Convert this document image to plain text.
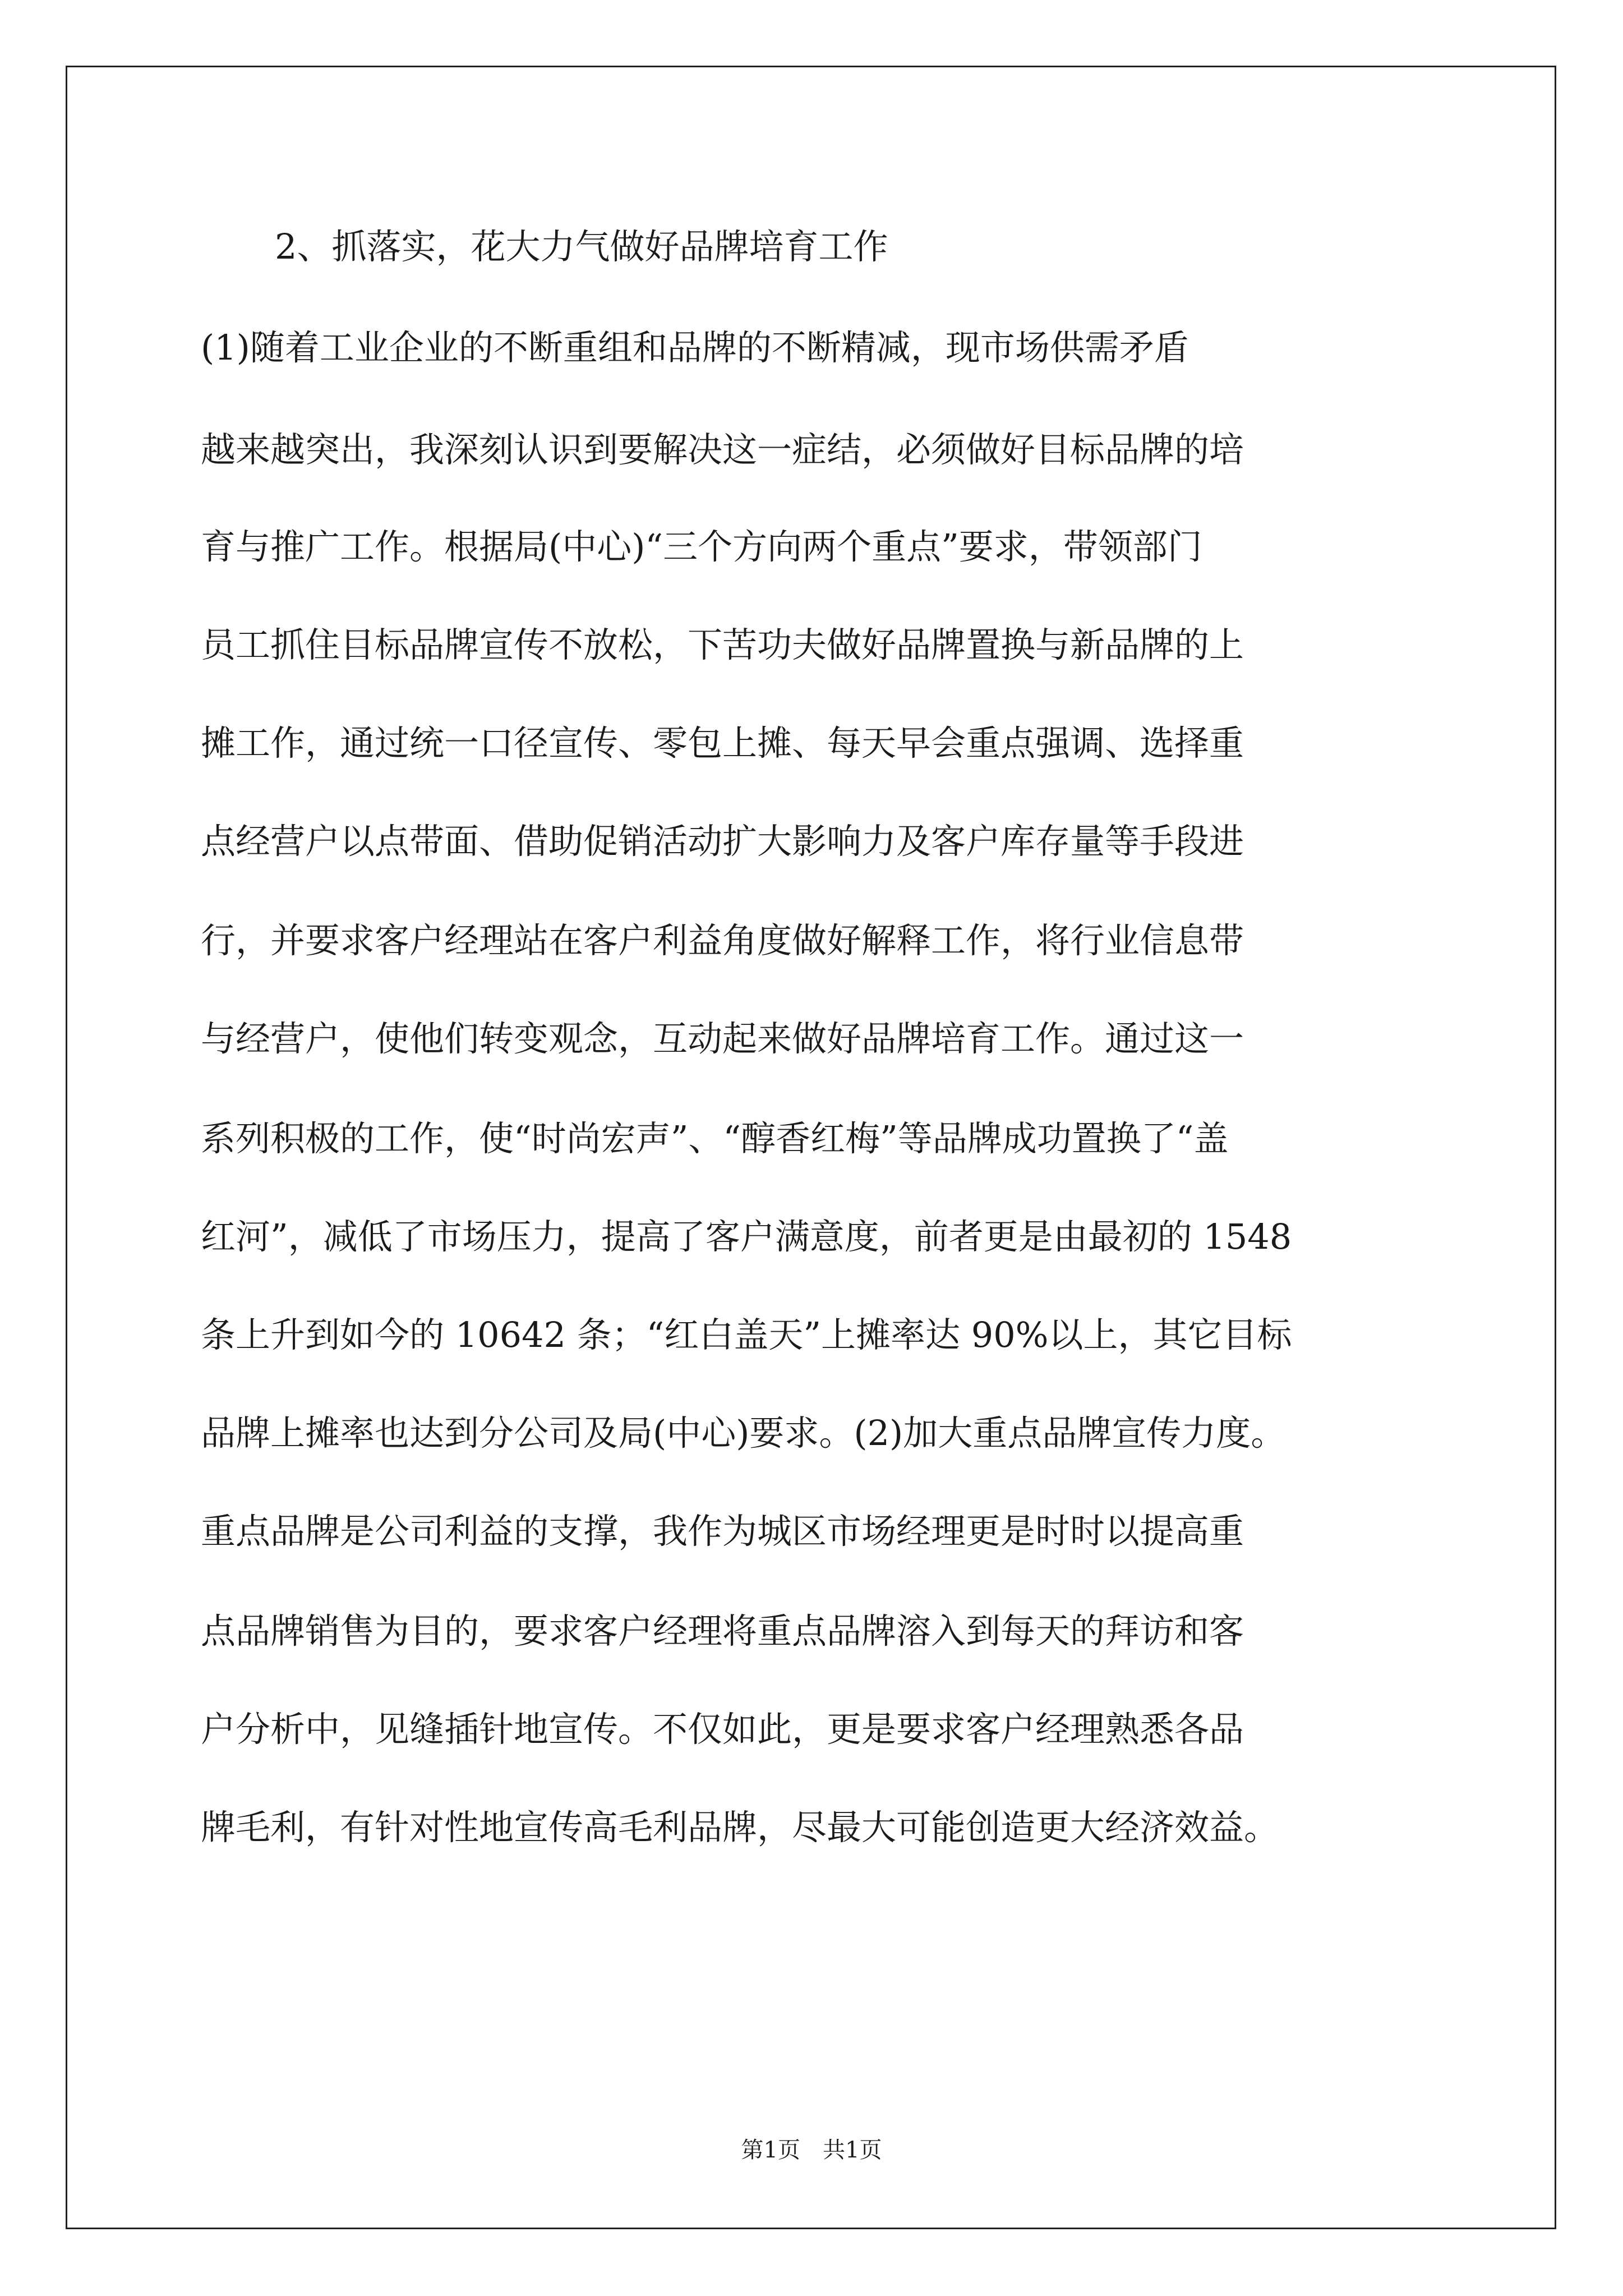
2、抓落实，花大力气做好品牌培育工作
(1)随着工业企业的不断重组和品牌的不断精减，现市场供需矛盾
越来越突出，我深刻认识到要解决这一症结，必须做好目标品牌的培
育与推广工作。根据局(中心)“三个方向两个重点”要求，带领部门
员工抓住目标品牌宣传不放松，下苦功夫做好品牌置换与新品牌的上
摊工作，通过统一口径宣传、零包上摊、每天早会重点强调、选择重
点经营户以点带面、借助促销活动扩大影响力及客户库存量等手段进
行，并要求客户经理站在客户利益角度做好解释工作，将行业信息带
与经营户，使他们转变观念，互动起来做好品牌培育工作。通过这一
系列积极的工作，使“时尚宏声”、“醇香红梅”等品牌成功置换了“盖
红河”，减低了市场压力，提高了客户满意度，前者更是由最初的 1548
条上升到如今的 10642 条；“红白盖天”上摊率达 90%以上，其它目标
品牌上摊率也达到分公司及局(中心)要求。(2)加大重点品牌宣传力度。
重点品牌是公司利益的支撑，我作为城区市场经理更是时时以提高重
点品牌销售为目的，要求客户经理将重点品牌溶入到每天的拜访和客
户分析中，见缝插针地宣传。不仅如此，更是要求客户经理熟悉各品
牌毛利，有针对性地宣传高毛利品牌，尽最大可能创造更大经济效益。
第1页　共1页
